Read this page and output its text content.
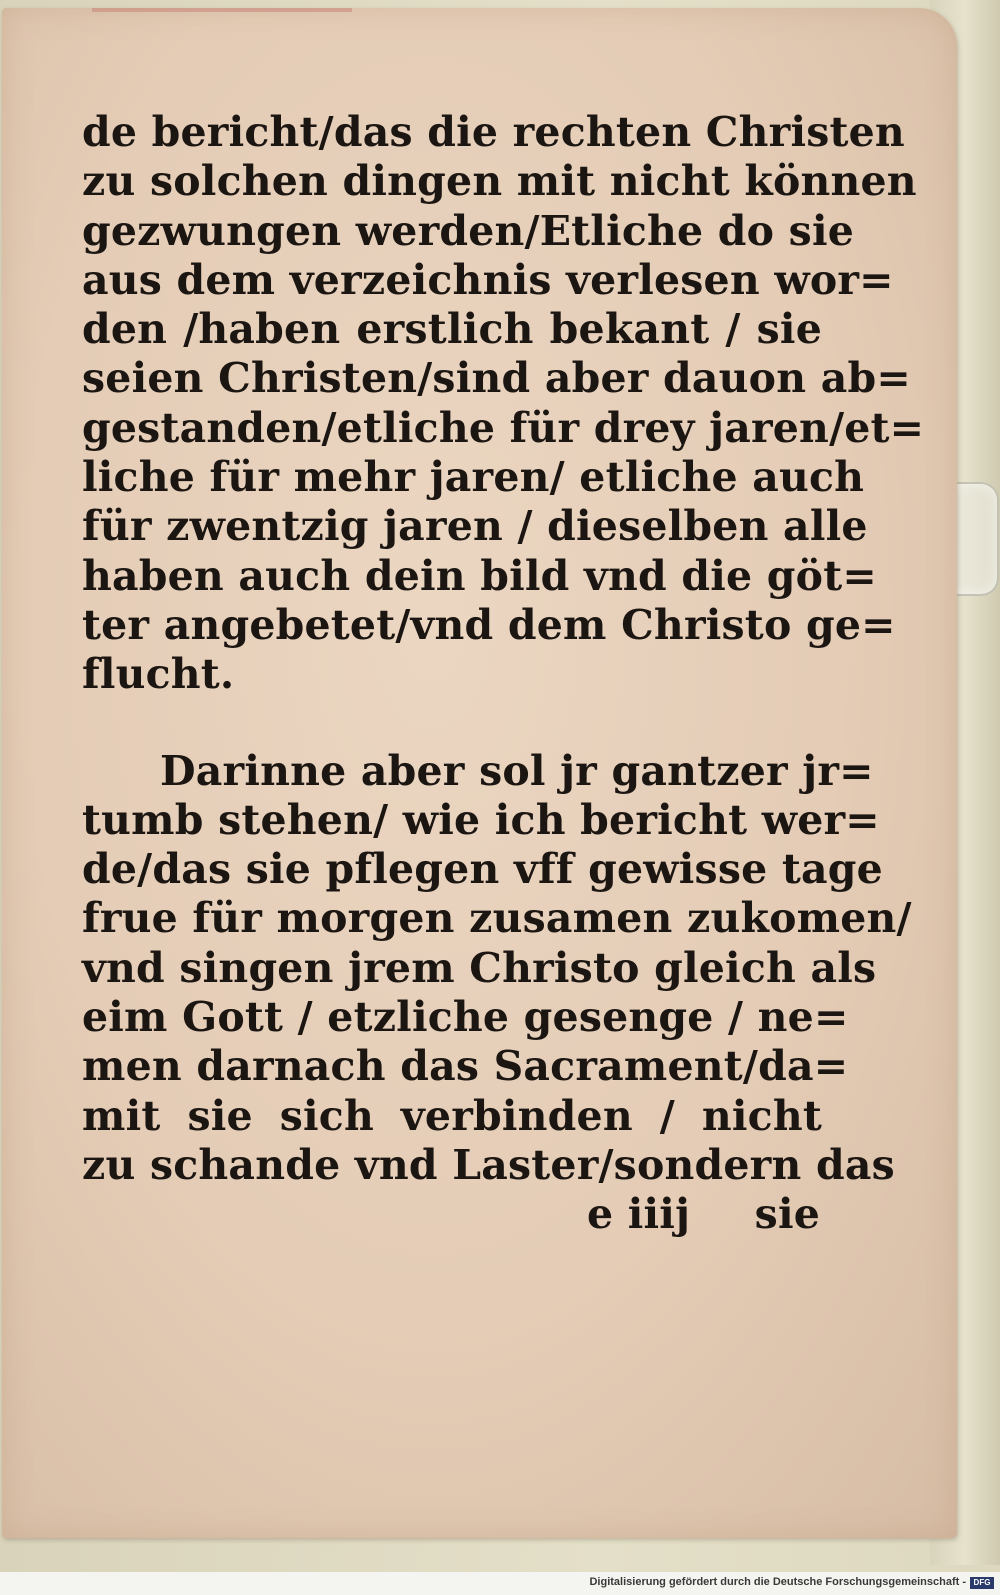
de bericht/das die rechten Christen
zu solchen dingen mit nicht können
gezwungen werden/Etliche do sie
aus dem verzeichnis verlesen wor=
den /haben erstlich bekant / sie
seien Christen/sind aber dauon ab=
gestanden/etliche für drey jaren/et=
liche für mehr jaren/ etliche auch
für zwentzig jaren / dieselben alle
haben auch dein bild vnd die göt=
ter angebetet/vnd dem Christo ge=
flucht.
Darinne aber sol jr gantzer jr=
tumb stehen/ wie ich bericht wer=
de/das sie pflegen vff gewisse tage
frue für morgen zusamen zukomen/
vnd singen jrem Christo gleich als
eim Gott / etzliche gesenge / ne=
men darnach das Sacrament/da=
mit sie sich verbinden / nicht
zu schande vnd Laster/sondern das
e iiij sie
Digitalisierung gefördert durch die Deutsche Forschungsgemeinschaft - DFG
